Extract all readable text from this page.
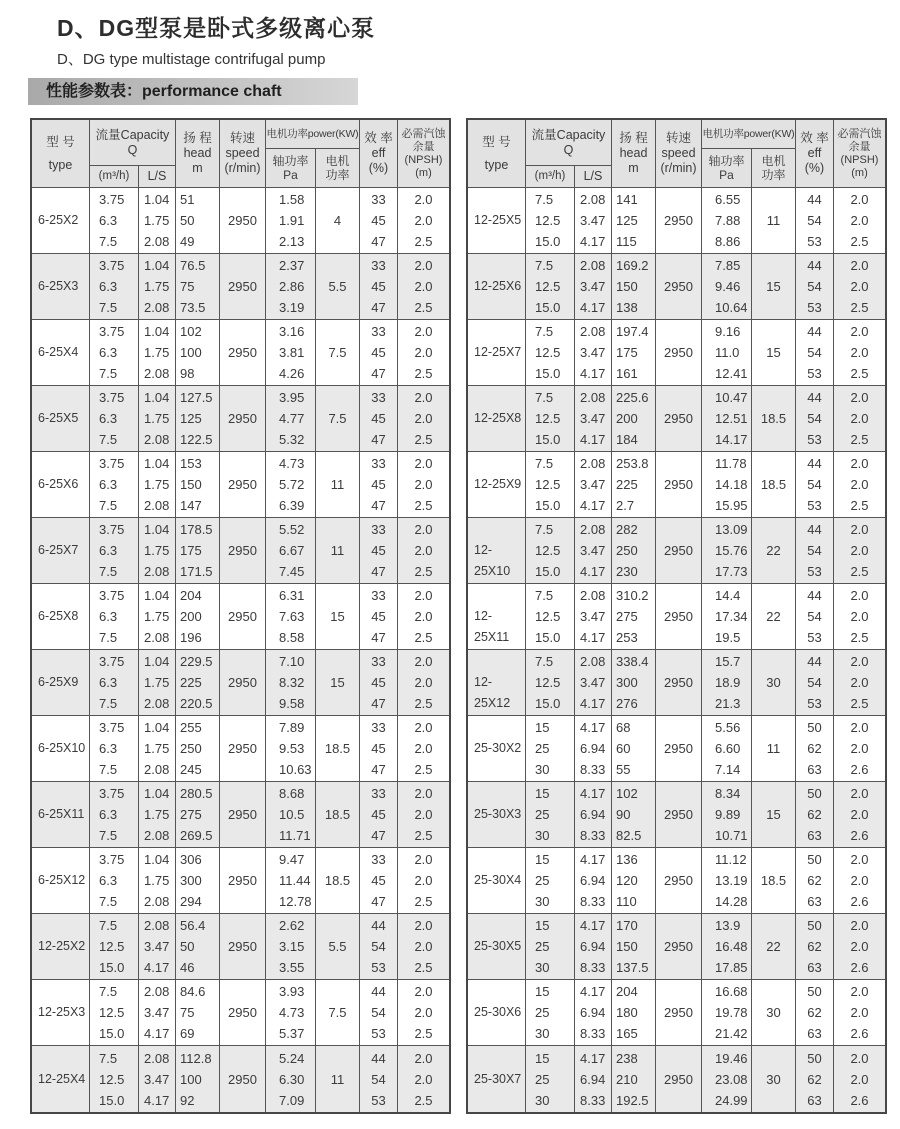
D、DG型泵是卧式多级离心泵
D、DG type multistage contrifugal pump
性能参数表：performance chaft
型 号
type
流量Capacity
Q
(m³/h)	L/S
扬 程
head
m
转速
speed
(r/min)
电机功率power(KW)
轴功率
Pa
电机
功率
效 率
eff
(%)
必需汽蚀
余量
(NPSH)
(m)
6-25X2
3.75
6.3
7.5
1.04
1.75
2.08
51
50
49
2950
1.58
1.91
2.13
4
33
45
47
2.0
2.0
2.5
6-25X3
3.75
6.3
7.5
1.04
1.75
2.08
76.5
75
73.5
2950
2.37
2.86
3.19
5.5
33
45
47
2.0
2.0
2.5
6-25X4
3.75
6.3
7.5
1.04
1.75
2.08
102
100
98
2950
3.16
3.81
4.26
7.5
33
45
47
2.0
2.0
2.5
6-25X5
3.75
6.3
7.5
1.04
1.75
2.08
127.5
125
122.5
2950
3.95
4.77
5.32
7.5
33
45
47
2.0
2.0
2.5
6-25X6
3.75
6.3
7.5
1.04
1.75
2.08
153
150
147
2950
4.73
5.72
6.39
11
33
45
47
2.0
2.0
2.5
6-25X7
3.75
6.3
7.5
1.04
1.75
2.08
178.5
175
171.5
2950
5.52
6.67
7.45
11
33
45
47
2.0
2.0
2.5
6-25X8
3.75
6.3
7.5
1.04
1.75
2.08
204
200
196
2950
6.31
7.63
8.58
15
33
45
47
2.0
2.0
2.5
6-25X9
3.75
6.3
7.5
1.04
1.75
2.08
229.5
225
220.5
2950
7.10
8.32
9.58
15
33
45
47
2.0
2.0
2.5
6-25X10
3.75
6.3
7.5
1.04
1.75
2.08
255
250
245
2950
7.89
9.53
10.63
18.5
33
45
47
2.0
2.0
2.5
6-25X11
3.75
6.3
7.5
1.04
1.75
2.08
280.5
275
269.5
2950
8.68
10.5
11.71
18.5
33
45
47
2.0
2.0
2.5
6-25X12
3.75
6.3
7.5
1.04
1.75
2.08
306
300
294
2950
9.47
11.44
12.78
18.5
33
45
47
2.0
2.0
2.5
12-25X2
7.5
12.5
15.0
2.08
3.47
4.17
56.4
50
46
2950
2.62
3.15
3.55
5.5
44
54
53
2.0
2.0
2.5
12-25X3
7.5
12.5
15.0
2.08
3.47
4.17
84.6
75
69
2950
3.93
4.73
5.37
7.5
44
54
53
2.0
2.0
2.5
12-25X4
7.5
12.5
15.0
2.08
3.47
4.17
112.8
100
92
2950
5.24
6.30
7.09
11
44
54
53
2.0
2.0
2.5
型 号
type
流量Capacity
Q
(m³/h)	L/S
扬 程
head
m
转速
speed
(r/min)
电机功率power(KW)
轴功率
Pa
电机
功率
效 率
eff
(%)
必需汽蚀
余量
(NPSH)
(m)
12-25X5
7.5
12.5
15.0
2.08
3.47
4.17
141
125
115
2950
6.55
7.88
8.86
11
44
54
53
2.0
2.0
2.5
12-25X6
7.5
12.5
15.0
2.08
3.47
4.17
169.2
150
138
2950
7.85
9.46
10.64
15
44
54
53
2.0
2.0
2.5
12-25X7
7.5
12.5
15.0
2.08
3.47
4.17
197.4
175
161
2950
9.16
11.0
12.41
15
44
54
53
2.0
2.0
2.5
12-25X8
7.5
12.5
15.0
2.08
3.47
4.17
225.6
200
184
2950
10.47
12.51
14.17
18.5
44
54
53
2.0
2.0
2.5
12-25X9
7.5
12.5
15.0
2.08
3.47
4.17
253.8
225
2.7
2950
11.78
14.18
15.95
18.5
44
54
53
2.0
2.0
2.5
12-25X10
7.5
12.5
15.0
2.08
3.47
4.17
282
250
230
2950
13.09
15.76
17.73
22
44
54
53
2.0
2.0
2.5
12-25X11
7.5
12.5
15.0
2.08
3.47
4.17
310.2
275
253
2950
14.4
17.34
19.5
22
44
54
53
2.0
2.0
2.5
12-25X12
7.5
12.5
15.0
2.08
3.47
4.17
338.4
300
276
2950
15.7
18.9
21.3
30
44
54
53
2.0
2.0
2.5
25-30X2
15
25
30
4.17
6.94
8.33
68
60
55
2950
5.56
6.60
7.14
11
50
62
63
2.0
2.0
2.6
25-30X3
15
25
30
4.17
6.94
8.33
102
90
82.5
2950
8.34
9.89
10.71
15
50
62
63
2.0
2.0
2.6
25-30X4
15
25
30
4.17
6.94
8.33
136
120
110
2950
11.12
13.19
14.28
18.5
50
62
63
2.0
2.0
2.6
25-30X5
15
25
30
4.17
6.94
8.33
170
150
137.5
2950
13.9
16.48
17.85
22
50
62
63
2.0
2.0
2.6
25-30X6
15
25
30
4.17
6.94
8.33
204
180
165
2950
16.68
19.78
21.42
30
50
62
63
2.0
2.0
2.6
25-30X7
15
25
30
4.17
6.94
8.33
238
210
192.5
2950
19.46
23.08
24.99
30
50
62
63
2.0
2.0
2.6
